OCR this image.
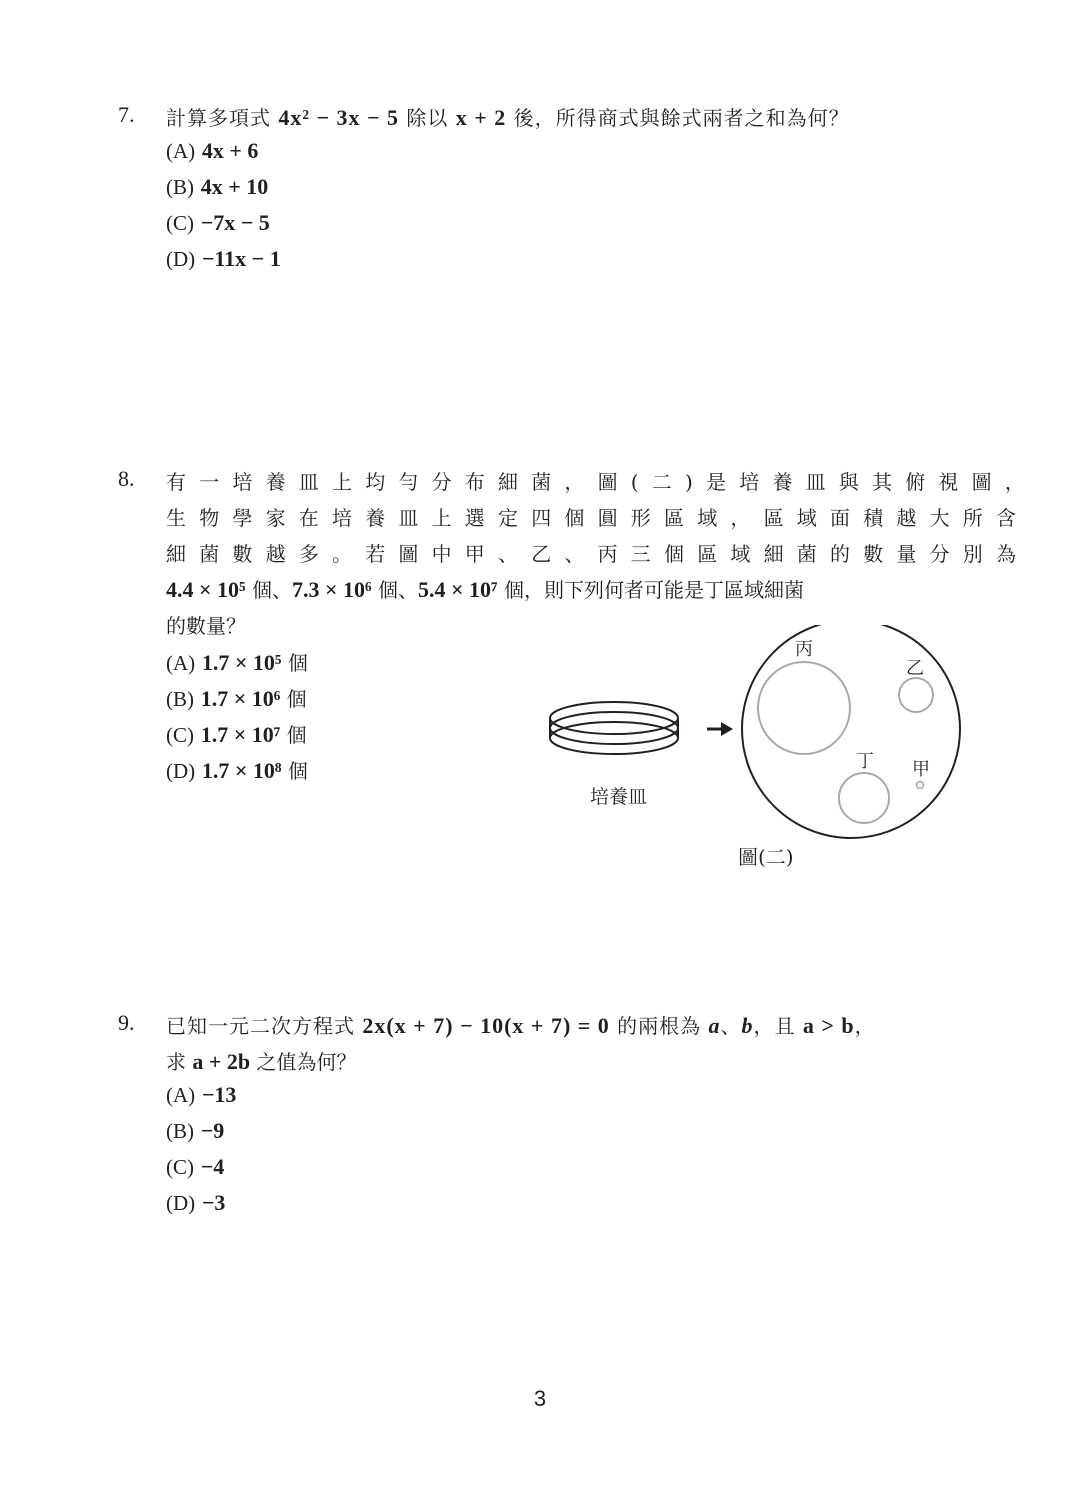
7. 計算多項式 4x² − 3x − 5 除以 x + 2 後，所得商式與餘式兩者之和為何？
(A) 4x + 6
(B) 4x + 10
(C) −7x − 5
(D) −11x − 1
8. 有一培養皿上均勻分布細菌，圖(二)是培養皿與其俯視圖，
生物學家在培養皿上選定四個圓形區域，區域面積越大所含
細菌數越多。若圖中甲、乙、丙三個區域細菌的數量分別為
4.4 × 10⁵ 個、7.3 × 10⁶ 個、5.4 × 10⁷ 個，則下列何者可能是丁區域細菌
的數量？
(A) 1.7 × 10⁵ 個
(B) 1.7 × 10⁶ 個
(C) 1.7 × 10⁷ 個
(D) 1.7 × 10⁸ 個
培養皿
丙
乙
丁 甲
圖(二)
9. 已知一元二次方程式 2x(x + 7) − 10(x + 7) = 0 的兩根為 a、b，且 a > b，
求 a + 2b 之值為何？
(A) −13
(B) −9
(C) −4
(D) −3
3
